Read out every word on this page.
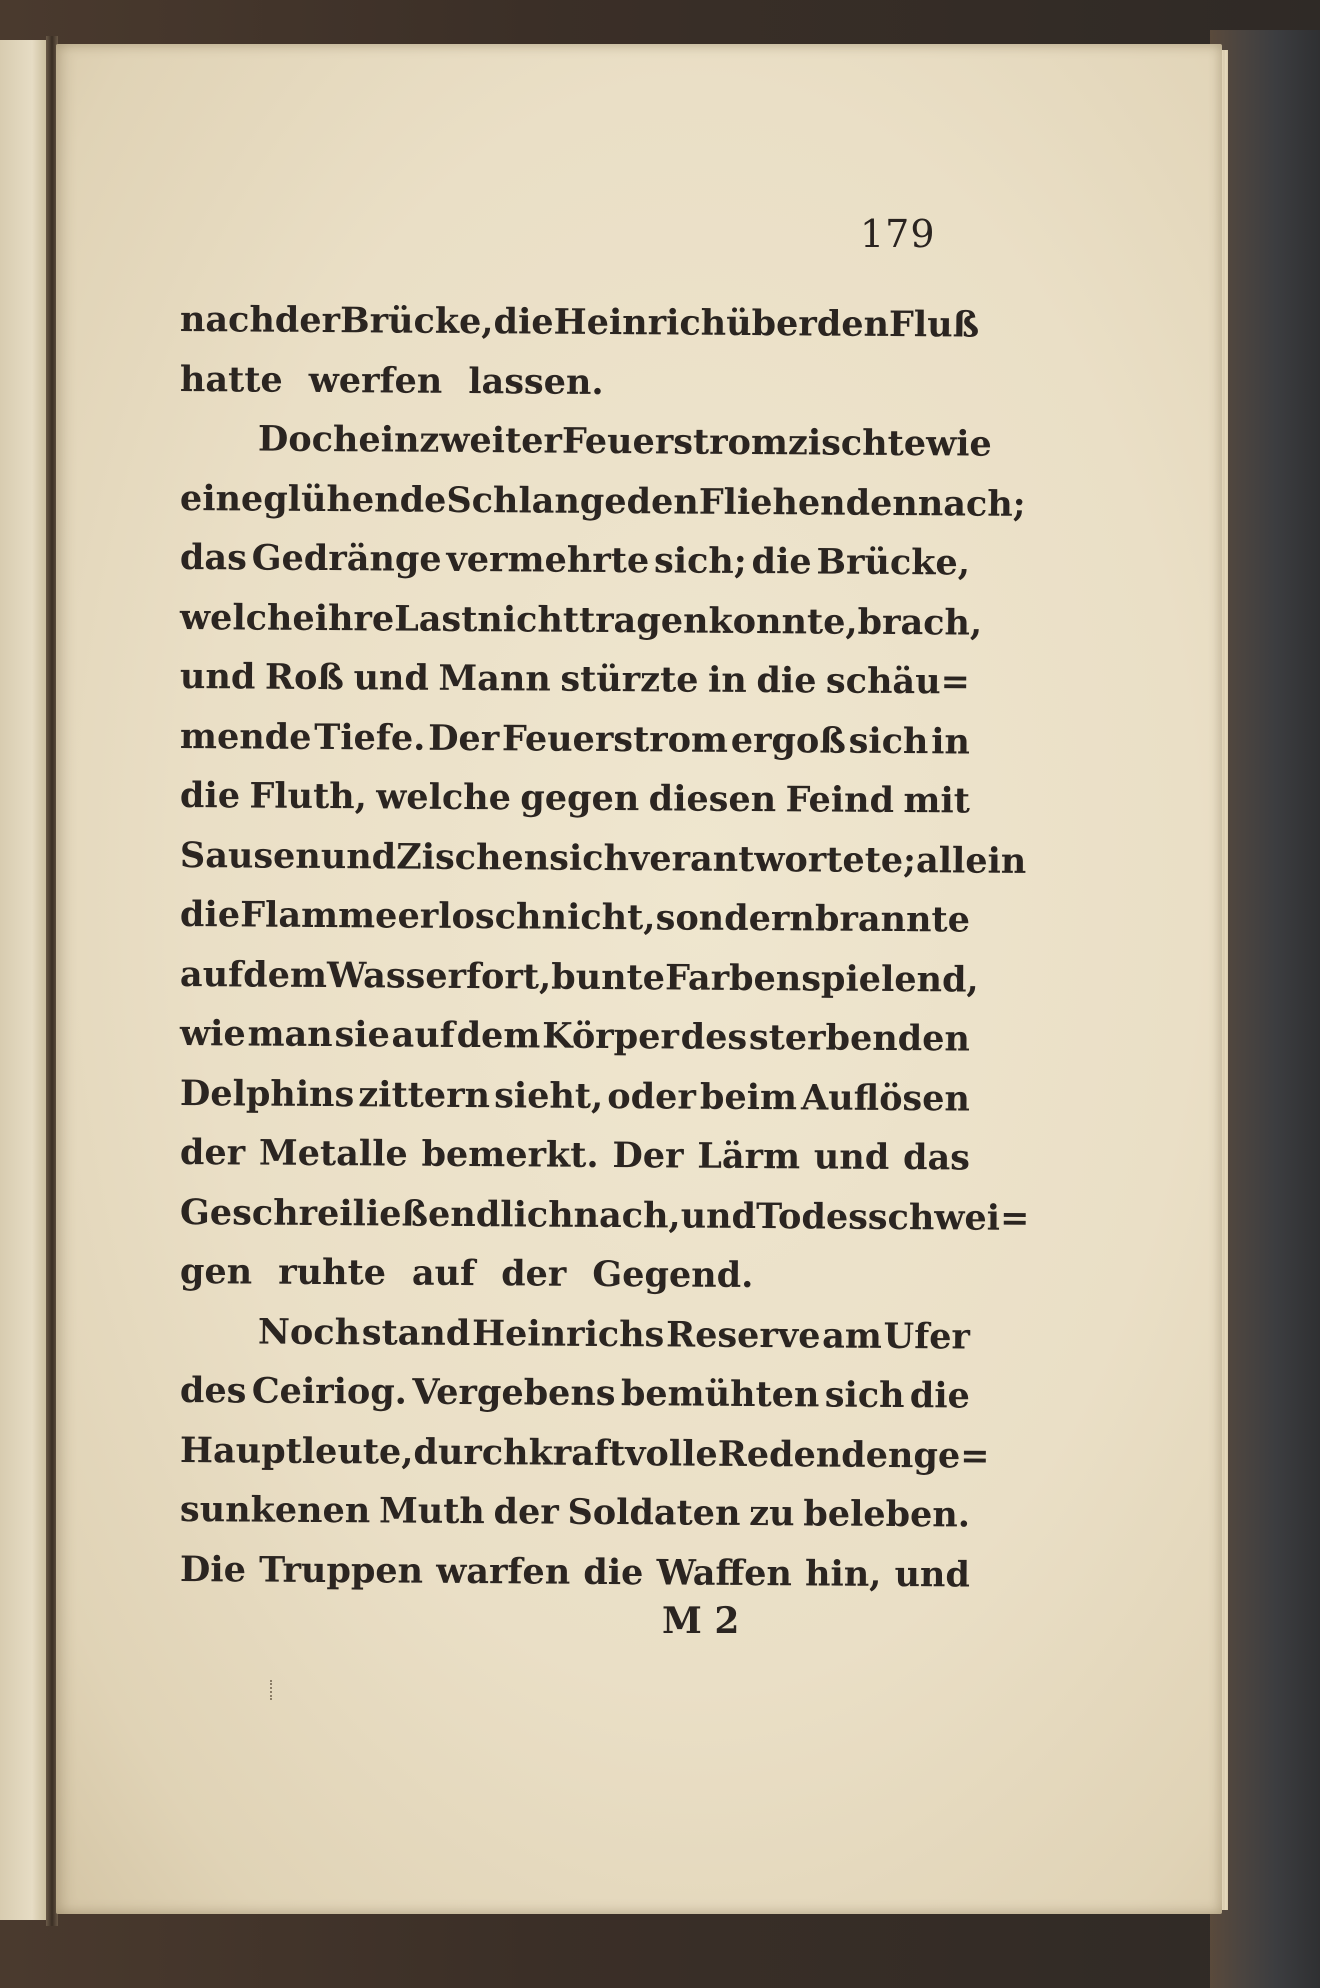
179
nach der Brücke, die Heinrich über den Fluß
hatte werfen lassen.
Doch ein zweiter Feuerstrom zischte wie
eine glühende Schlange den Fliehenden nach;
das Gedränge vermehrte sich; die Brücke,
welche ihre Last nicht tragen konnte, brach,
und Roß und Mann stürzte in die schäu=
mende Tiefe. Der Feuerstrom ergoß sich in
die Fluth, welche gegen diesen Feind mit
Sausen und Zischen sich verantwortete; allein
die Flamme erlosch nicht, sondern brannte
auf dem Wasser fort, bunte Farben spielend,
wie man sie auf dem Körper des sterbenden
Delphins zittern sieht, oder beim Auflösen
der Metalle bemerkt. Der Lärm und das
Geschrei ließ endlich nach, und Todesschwei=
gen ruhte auf der Gegend.
Noch stand Heinrichs Reserve am Ufer
des Ceiriog. Vergebens bemühten sich die
Hauptleute, durch kraftvolle Reden den ge=
sunkenen Muth der Soldaten zu beleben.
Die Truppen warfen die Waffen hin, und
M 2
